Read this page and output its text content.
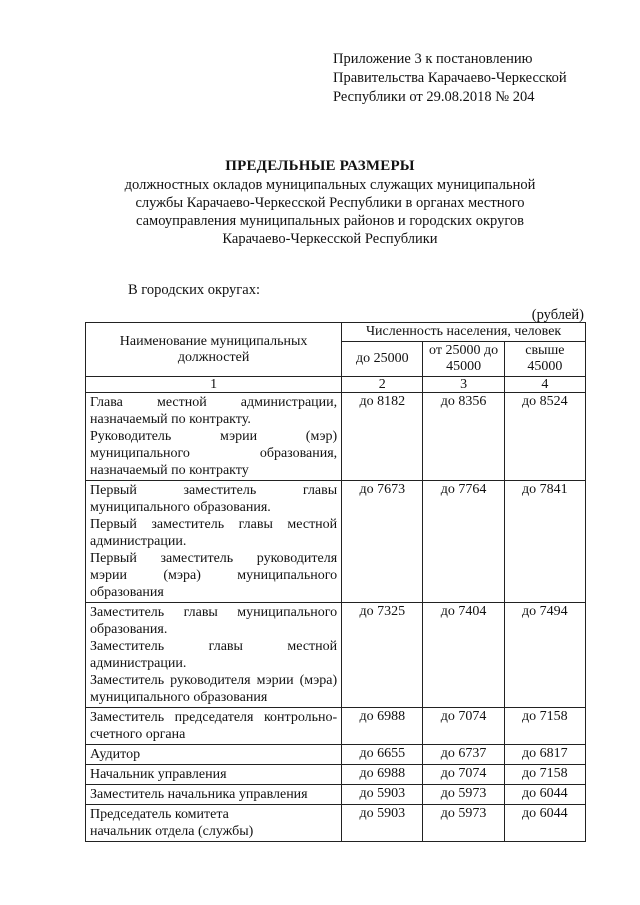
Приложение 3 к постановлению
Правительства Карачаево-Черкесской
Республики от 29.08.2018 № 204
ПРЕДЕЛЬНЫЕ РАЗМЕРЫ
должностных окладов муниципальных служащих муниципальной
службы Карачаево-Черкесской Республики в органах местного
самоуправления муниципальных районов и городских округов
Карачаево-Черкесской Республики
В городских округах:
(рублей)
Наименование муниципальных должностей	Численность населения, человек		
	до 25000	от 25000 до 45000	свыше 45000
1	2	3	4

Глава местной администрации, назначаемый по контракту.

Руководитель мэрии (мэр) муниципального образования, назначаемый по контракту	до 8182	до 8356	до 8524

Первый заместитель главы муниципального образования.

Первый заместитель главы местной администрации.

Первый заместитель руководителя мэрии (мэра) муниципального образования	до 7673	до 7764	до 7841

Заместитель главы муниципального образования.

Заместитель главы местной администрации.

Заместитель руководителя мэрии (мэра) муниципального образования	до 7325	до 7404	до 7494

Заместитель председателя контрольно-счетного органа	до 6988	до 7074	до 7158

Аудитор	до 6655	до 6737	до 6817

Начальник управления	до 6988	до 7074	до 7158

Заместитель начальника управления	до 5903	до 5973	до 6044

Председатель комитета

начальник отдела (службы)	до 5903	до 5973	до 6044
